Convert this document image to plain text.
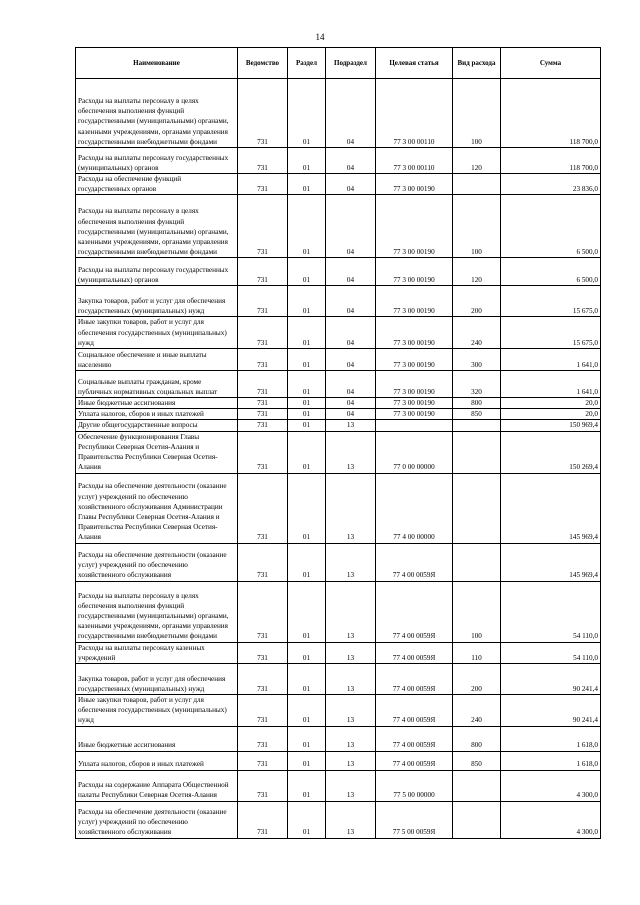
14
Наименование	Ведомство	Раздел	Подраздел	Целевая статья	Вид расхода	Сумма
Расходы на выплаты персоналу в целях обеспечения выполнения функций государственными (муниципальными) органами, казенными учреждениями, органами управления государственными внебюджетными фондами	731	01	04	77 3 00 00110	100	118 700,0
Расходы на выплаты персоналу государственных (муниципальных) органов	731	01	04	77 3 00 00110	120	118 700,0
Расходы на обеспечение функций государственных органов	731	01	04	77 3 00 00190		23 836,0
Расходы на выплаты персоналу в целях обеспечения выполнения функций государственными (муниципальными) органами, казенными учреждениями, органами управления государственными внебюджетными фондами	731	01	04	77 3 00 00190	100	6 500,0
Расходы на выплаты персоналу государственных (муниципальных) органов	731	01	04	77 3 00 00190	120	6 500,0
Закупка товаров, работ и услуг для обеспечения государственных (муниципальных) нужд	731	01	04	77 3 00 00190	200	15 675,0
Иные закупки товаров, работ и услуг для обеспечения государственных (муниципальных) нужд	731	01	04	77 3 00 00190	240	15 675,0
Социальное обеспечение и иные выплаты населению	731	01	04	77 3 00 00190	300	1 641,0
Социальные выплаты гражданам, кроме публичных нормативных социальных выплат	731	01	04	77 3 00 00190	320	1 641,0
Иные бюджетные ассигнования	731	01	04	77 3 00 00190	800	20,0
Уплата налогов, сборов и иных платежей	731	01	04	77 3 00 00190	850	20,0
Другие общегосударственные вопросы	731	01	13			150 969,4
Обеспечение функционирования Главы Республики Северная Осетия-Алания и Правительства Республики Северная Осетия-Алания	731	01	13	77 0 00 00000		150 269,4
Расходы на обеспечение деятельности (оказание услуг) учреждений по обеспечению хозяйственного обслуживания Администрации Главы Республики Северная Осетия-Алания и Правительства Республики Северная Осетия-Алания	731	01	13	77 4 00 00000		145 969,4
Расходы на обеспечение деятельности (оказание услуг) учреждений по обеспечению хозяйственного обслуживания	731	01	13	77 4 00 0059Я		145 969,4
Расходы на выплаты персоналу в целях обеспечения выполнения функций государственными (муниципальными) органами, казенными учреждениями, органами управления государственными внебюджетными фондами	731	01	13	77 4 00 0059Я	100	54 110,0
Расходы на выплаты персоналу казенных учреждений	731	01	13	77 4 00 0059Я	110	54 110,0
Закупка товаров, работ и услуг для обеспечения государственных (муниципальных) нужд	731	01	13	77 4 00 0059Я	200	90 241,4
Иные закупки товаров, работ и услуг для обеспечения государственных (муниципальных) нужд	731	01	13	77 4 00 0059Я	240	90 241,4
Иные бюджетные ассигнования	731	01	13	77 4 00 0059Я	800	1 618,0
Уплата налогов, сборов и иных платежей	731	01	13	77 4 00 0059Я	850	1 618,0
Расходы на содержание Аппарата Общественной палаты Республики Северная Осетия-Алания	731	01	13	77 5 00 00000		4 300,0
Расходы на обеспечение деятельности (оказание услуг) учреждений по обеспечению хозяйственного обслуживания	731	01	13	77 5 00 0059Я		4 300,0
